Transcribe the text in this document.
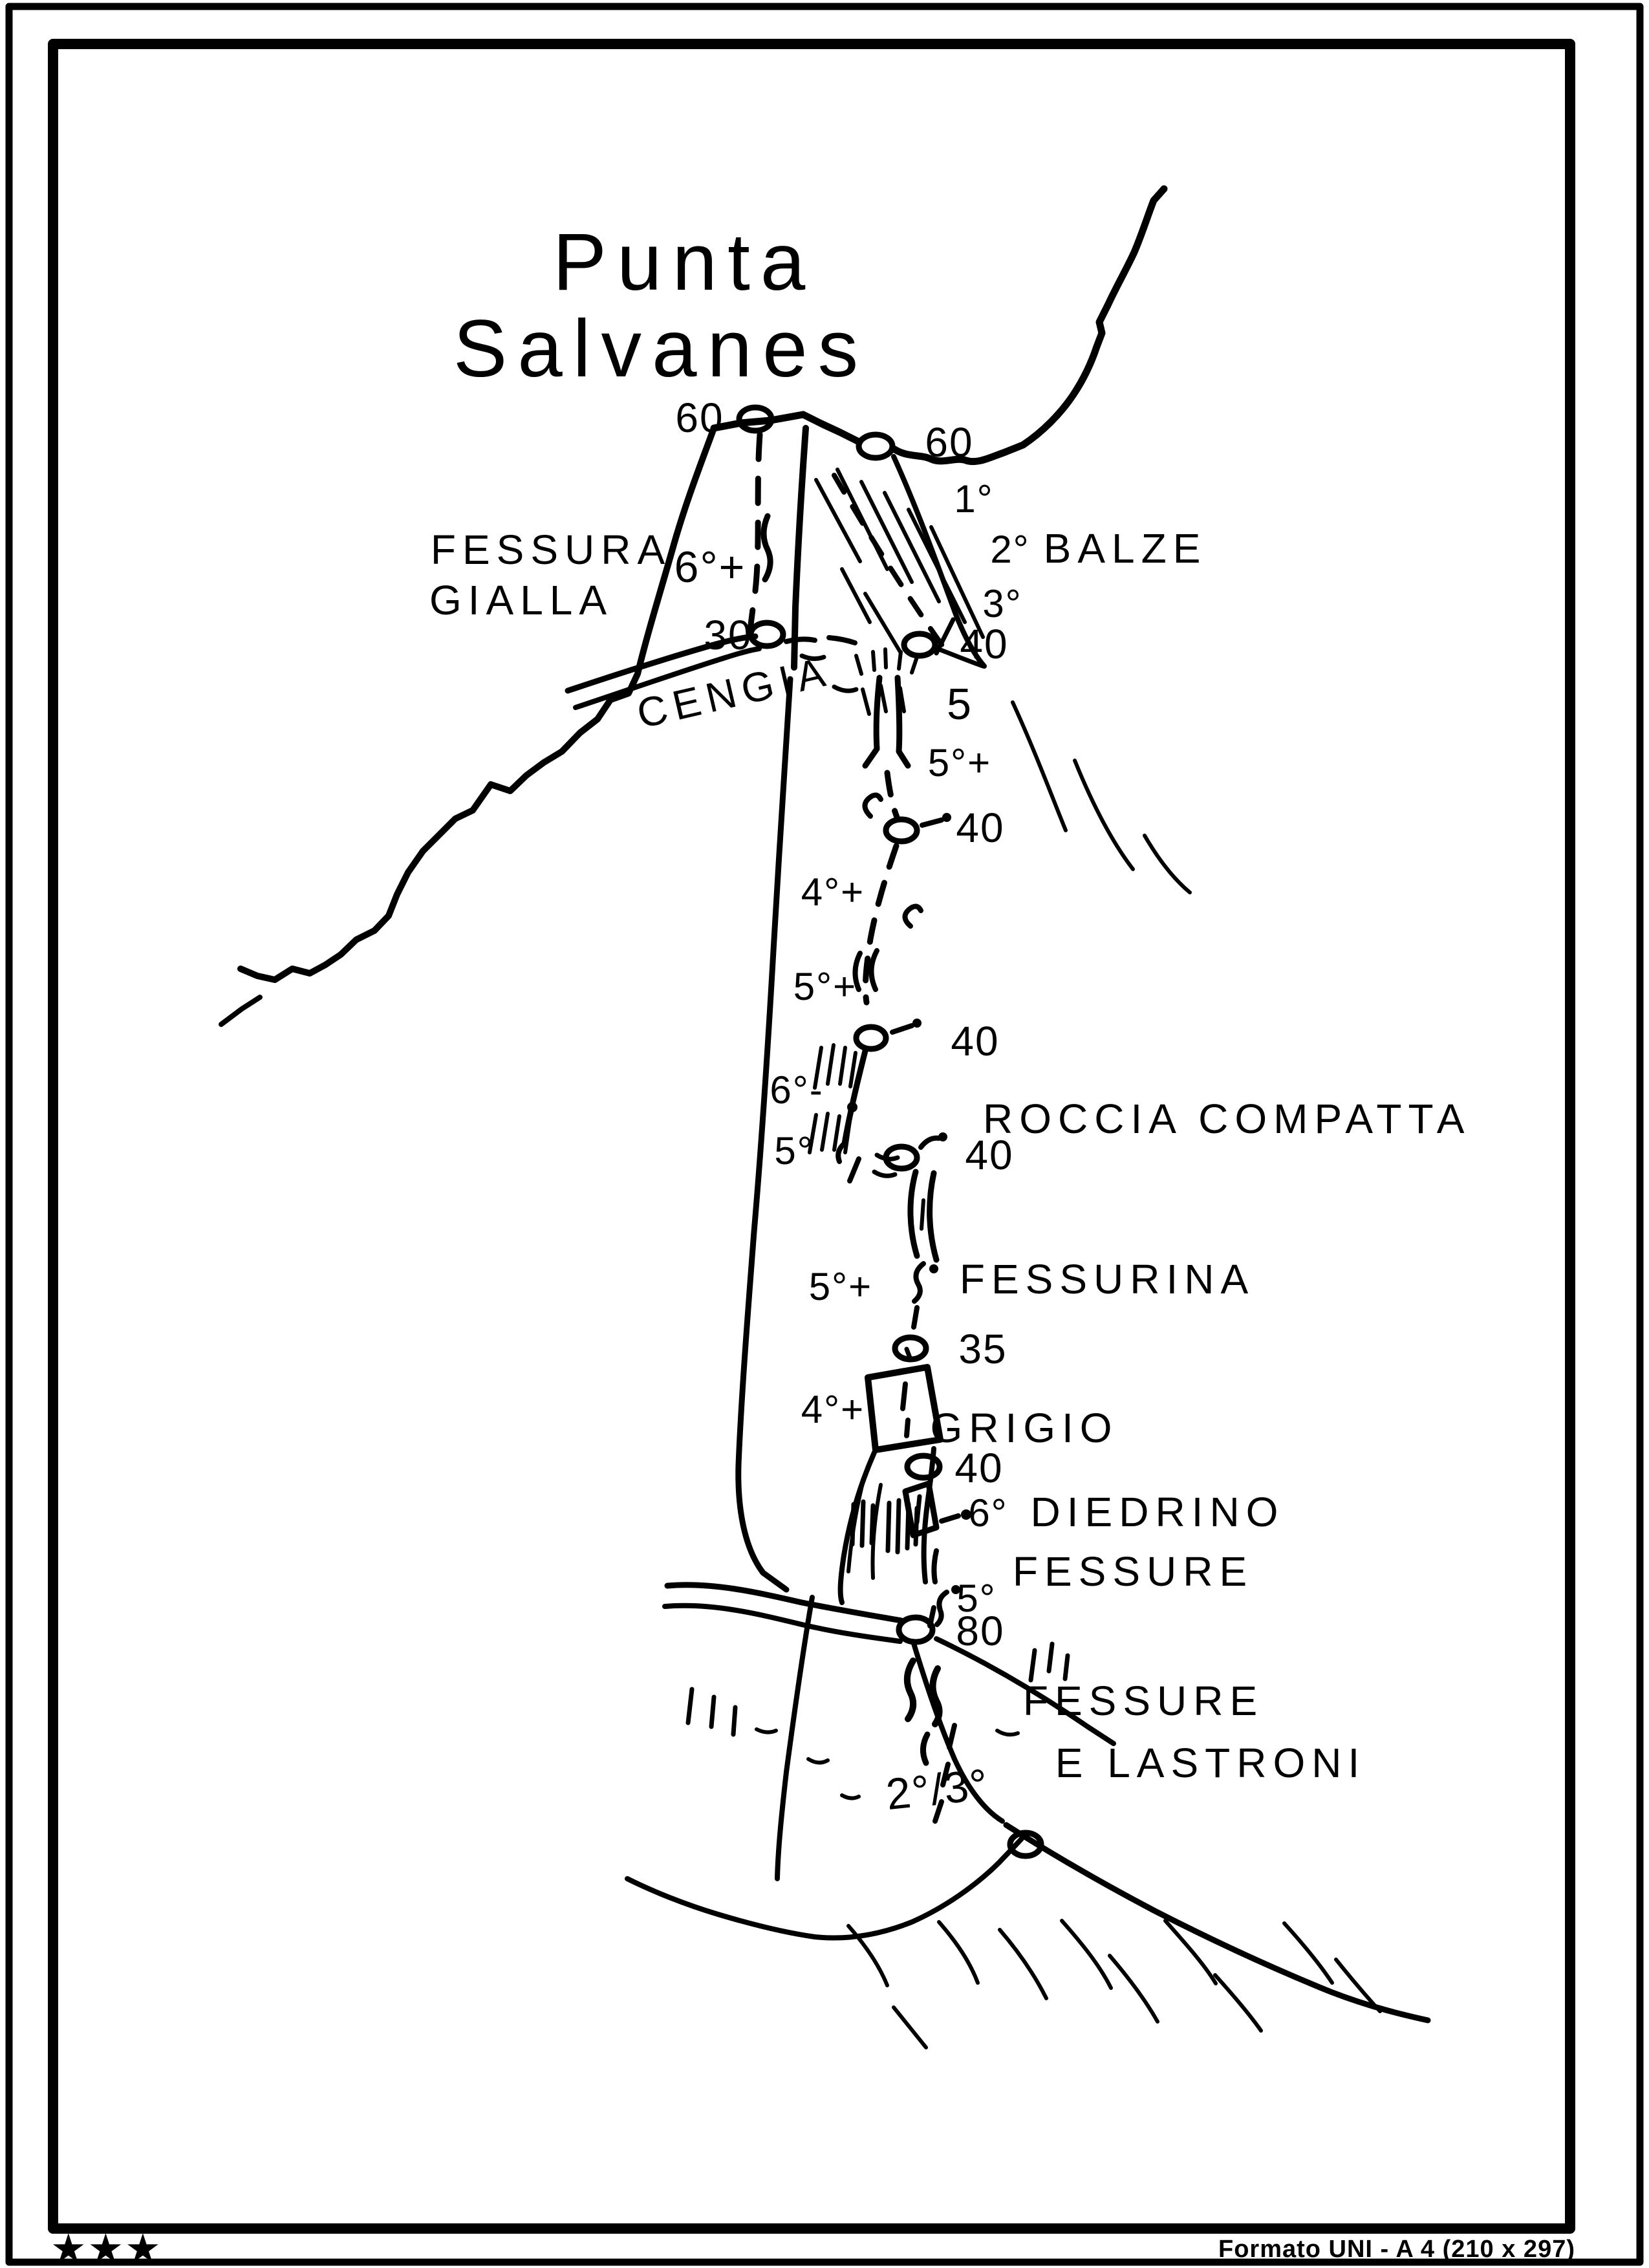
Punta
Salvanes
60
60
FESSURA
GIALLA
6°+
30
1°
2° BALZE
3°
40
CENGIA	5
5°+
40
4°+
5°+
40
6°-
5°
ROCCIA COMPATTA
40
5°+ FESSURINA
35
4°+ GRIGIO
40
6° DIEDRINO
FESSURE
5°
80
2°/3°
FESSURE
E LASTRONI
★★★	Formato UNI - A 4 (210 x 297)
